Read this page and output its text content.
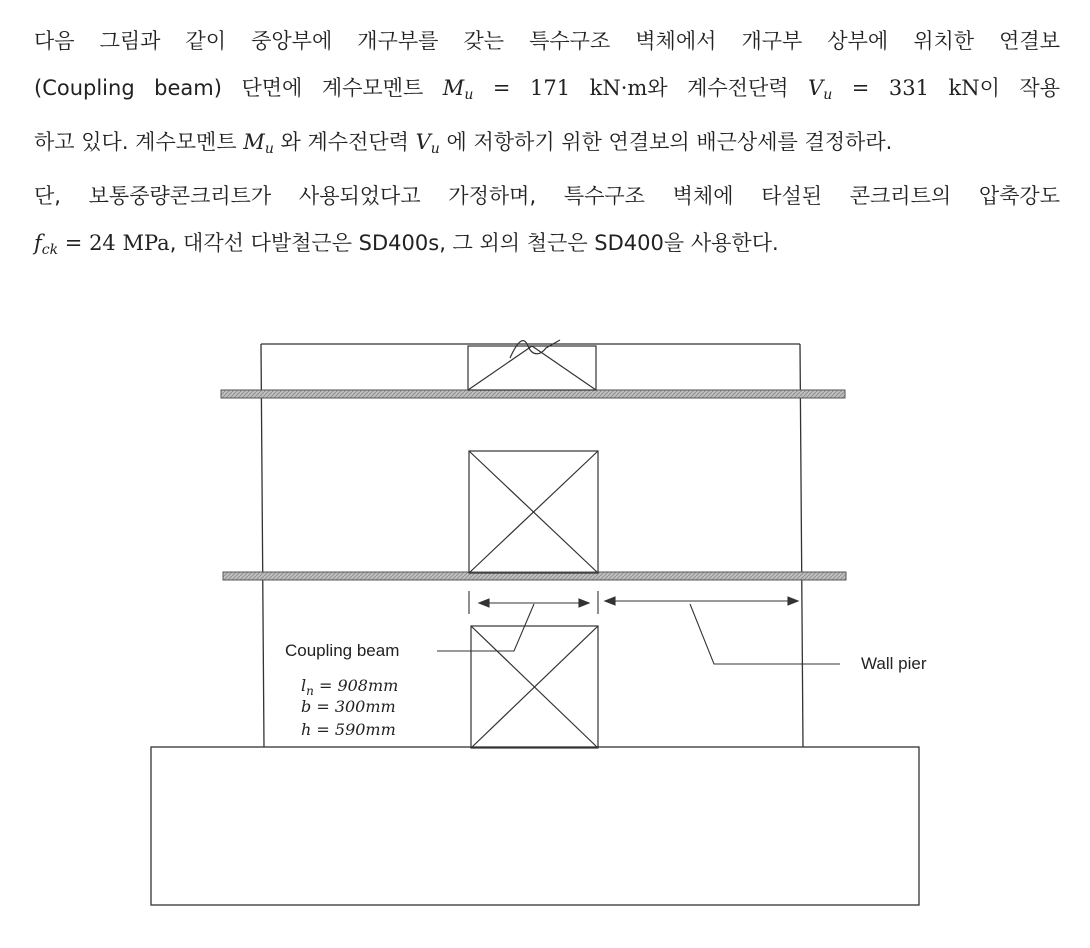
다음 그림과 같이 중앙부에 개구부를 갖는 특수구조 벽체에서 개구부 상부에 위치한 연결보
(Coupling beam) 단면에 계수모멘트 $M_u = 171$ kN·m와 계수전단력 $V_u = 331$ kN이 작용
하고 있다. 계수모멘트 $M_u$ 와 계수전단력 $V_u$ 에 저항하기 위한 연결보의 배근상세를 결정하라.
단, 보통중량콘크리트가 사용되었다고 가정하며, 특수구조 벽체에 타설된 콘크리트의 압축강도
$f_{ck} = 24$ MPa, 대각선 다발철근은 SD400s, 그 외의 철근은 SD400을 사용한다.
Coupling beam
Wall pier
$l_n = 908mm$
b = 300mm
h = 590mm
